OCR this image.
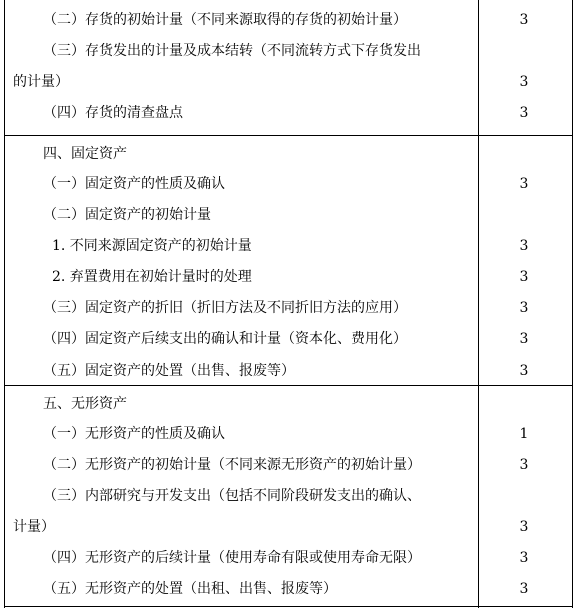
（二）存货的初始计量（不同来源取得的存货的初始计量）	3
（三）存货发出的计量及成本结转（不同流转方式下存货发出
的计量）	3
（四）存货的清查盘点	3
四、固定资产
（一）固定资产的性质及确认	3
（二）固定资产的初始计量
1. 不同来源固定资产的初始计量	3
2. 弃置费用在初始计量时的处理	3
（三）固定资产的折旧（折旧方法及不同折旧方法的应用）	3
（四）固定资产后续支出的确认和计量（资本化、费用化）	3
（五）固定资产的处置（出售、报废等）	3
五、无形资产
（一）无形资产的性质及确认	1
（二）无形资产的初始计量（不同来源无形资产的初始计量）	3
（三）内部研究与开发支出（包括不同阶段研发支出的确认、
计量）	3
（四）无形资产的后续计量（使用寿命有限或使用寿命无限）	3
（五）无形资产的处置（出租、出售、报废等）	3
